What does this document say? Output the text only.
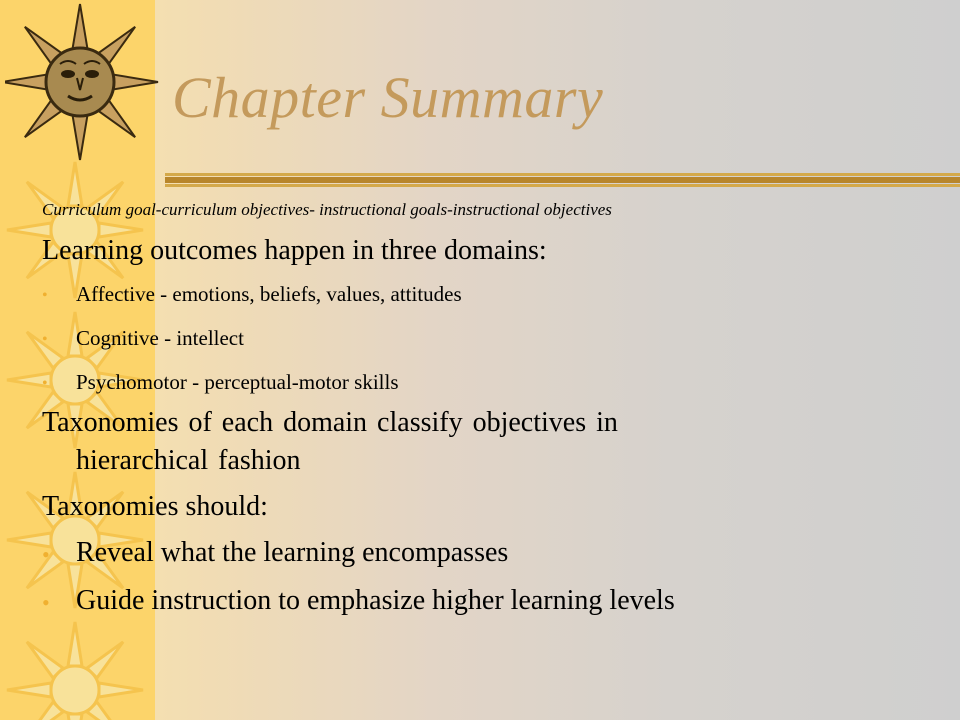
Chapter Summary

Curriculum goal-curriculum objectives- instructional goals-instructional objectives

Learning outcomes happen in three domains:

• Affective - emotions, beliefs, values, attitudes
• Cognitive - intellect
• Psychomotor - perceptual-motor skills
Taxonomies of each domain classify objectives in
hierarchical fashion

Taxonomies should:

• Reveal what the learning encompasses
• Guide instruction to emphasize higher learning levels
